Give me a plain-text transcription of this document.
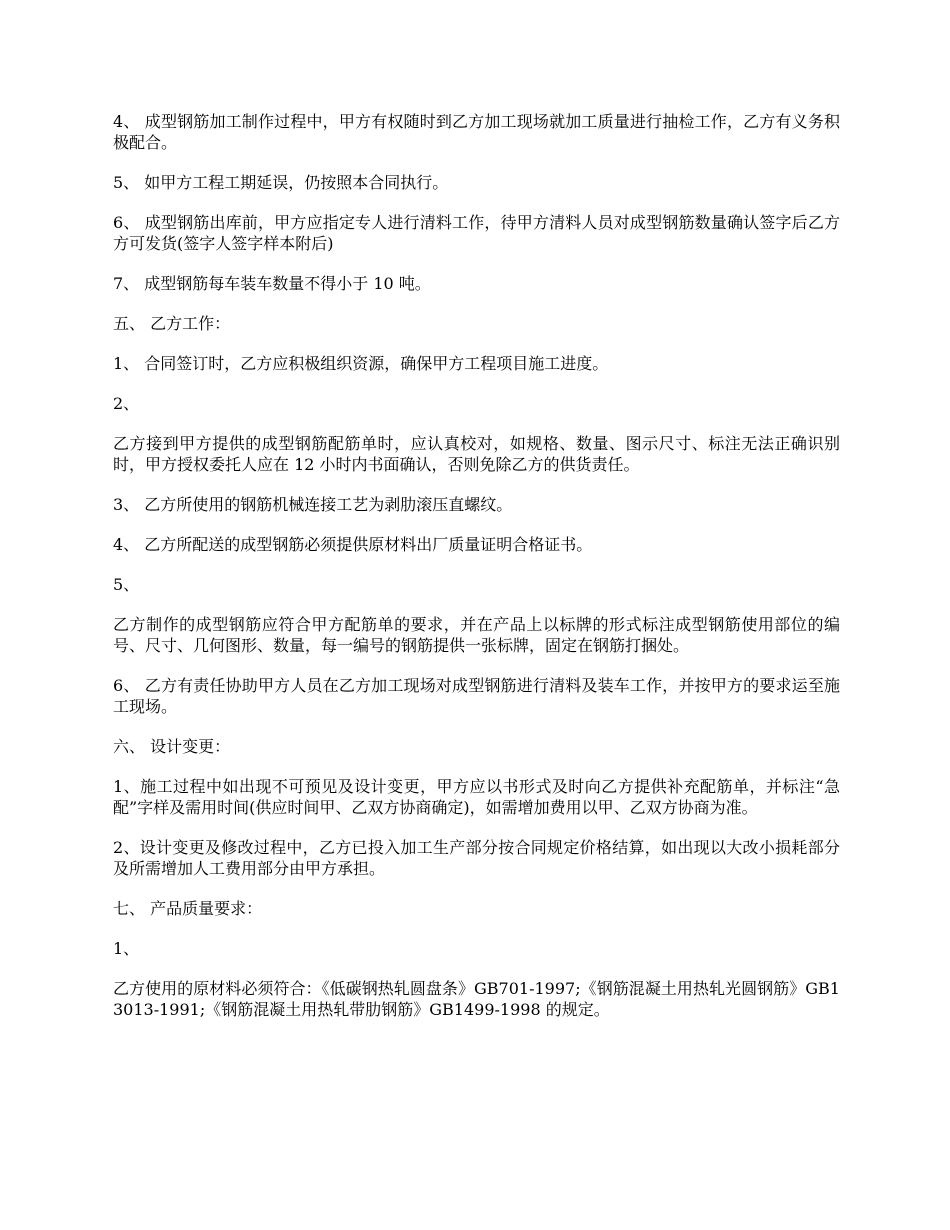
4、 成型钢筋加工制作过程中，甲方有权随时到乙方加工现场就加工质量进行抽检工作，乙方有义务积极配合。

5、 如甲方工程工期延误，仍按照本合同执行。

6、 成型钢筋出库前，甲方应指定专人进行清料工作，待甲方清料人员对成型钢筋数量确认签字后乙方方可发货(签字人签字样本附后)

7、 成型钢筋每车装车数量不得小于 10 吨。

五、 乙方工作：

1、 合同签订时，乙方应积极组织资源，确保甲方工程项目施工进度。

2、

乙方接到甲方提供的成型钢筋配筋单时，应认真校对，如规格、数量、图示尺寸、标注无法正确识别时，甲方授权委托人应在 12 小时内书面确认，否则免除乙方的供货责任。

3、 乙方所使用的钢筋机械连接工艺为剥肋滚压直螺纹。

4、 乙方所配送的成型钢筋必须提供原材料出厂质量证明合格证书。

5、

乙方制作的成型钢筋应符合甲方配筋单的要求，并在产品上以标牌的形式标注成型钢筋使用部位的编号、尺寸、几何图形、数量，每一编号的钢筋提供一张标牌，固定在钢筋打捆处。

6、 乙方有责任协助甲方人员在乙方加工现场对成型钢筋进行清料及装车工作，并按甲方的要求运至施工现场。

六、 设计变更：

1、施工过程中如出现不可预见及设计变更，甲方应以书形式及时向乙方提供补充配筋单，并标注“急配”字样及需用时间(供应时间甲、乙双方协商确定)，如需增加费用以甲、乙双方协商为准。

2、设计变更及修改过程中，乙方已投入加工生产部分按合同规定价格结算，如出现以大改小损耗部分及所需增加人工费用部分由甲方承担。

七、 产品质量要求：

1、

乙方使用的原材料必须符合：《低碳钢热轧圆盘条》GB701-1997;《钢筋混凝土用热轧光圆钢筋》GB13013-1991;《钢筋混凝土用热轧带肋钢筋》GB1499-1998 的规定。
